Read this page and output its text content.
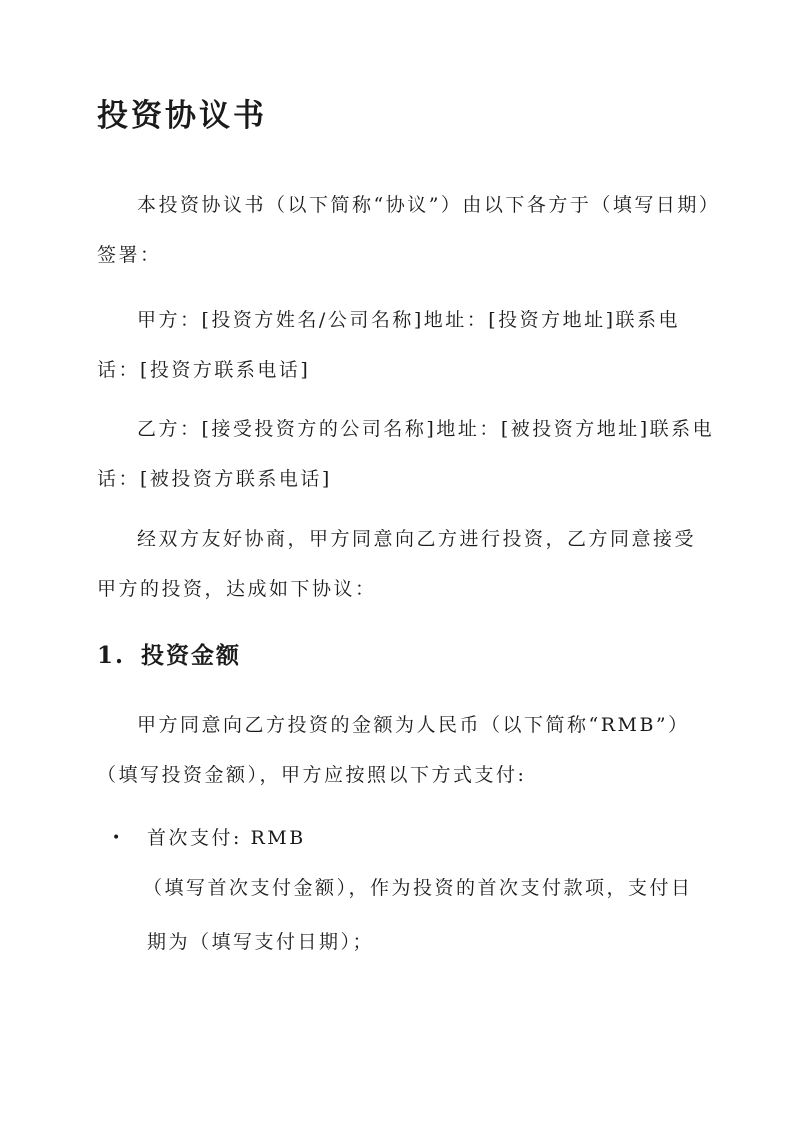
投资协议书

本投资协议书（以下简称“协议”）由以下各方于（填写日期）签署：

甲方：[投资方姓名/公司名称]地址：[投资方地址]联系电话：[投资方联系电话]

乙方：[接受投资方的公司名称]地址：[被投资方地址]联系电话：[被投资方联系电话]

经双方友好协商，甲方同意向乙方进行投资，乙方同意接受甲方的投资，达成如下协议：

1. 投资金额

甲方同意向乙方投资的金额为人民币（以下简称“RMB”）（填写投资金额），甲方应按照以下方式支付:

• 首次支付: RMB

（填写首次支付金额），作为投资的首次支付款项，支付日期为（填写支付日期）；
